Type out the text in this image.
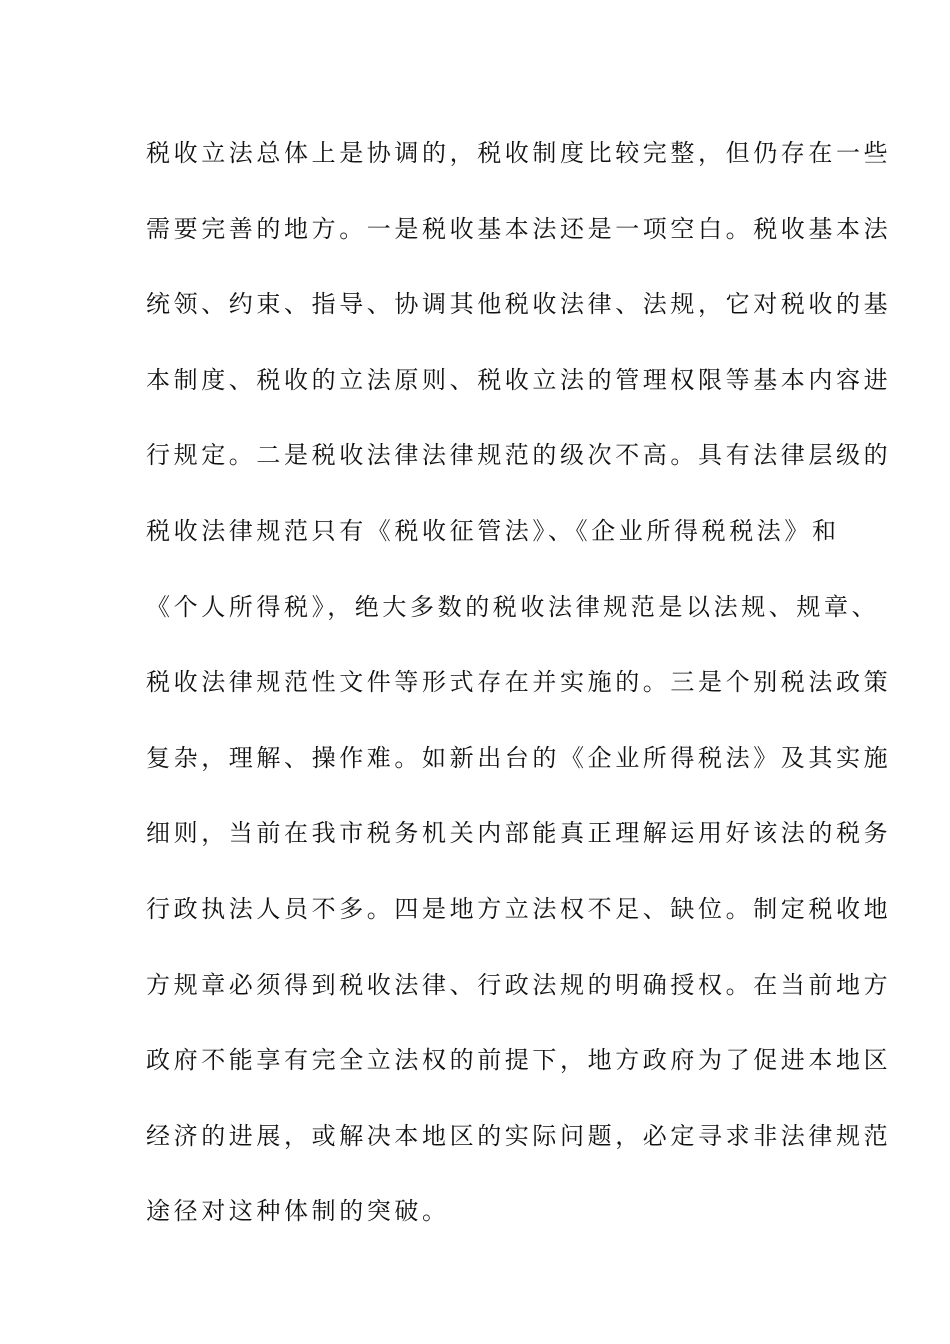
税收立法总体上是协调的，税收制度比较完整，但仍存在一些
需要完善的地方。一是税收基本法还是一项空白。税收基本法
统领、约束、指导、协调其他税收法律、法规，它对税收的基
本制度、税收的立法原则、税收立法的管理权限等基本内容进
行规定。二是税收法律法律规范的级次不高。具有法律层级的
税收法律规范只有《税收征管法》、《企业所得税税法》和
《个人所得税》，绝大多数的税收法律规范是以法规、规章、
税收法律规范性文件等形式存在并实施的。三是个别税法政策
复杂，理解、操作难。如新出台的《企业所得税法》及其实施
细则，当前在我市税务机关内部能真正理解运用好该法的税务
行政执法人员不多。四是地方立法权不足、缺位。制定税收地
方规章必须得到税收法律、行政法规的明确授权。在当前地方
政府不能享有完全立法权的前提下，地方政府为了促进本地区
经济的进展，或解决本地区的实际问题，必定寻求非法律规范
途径对这种体制的突破。
